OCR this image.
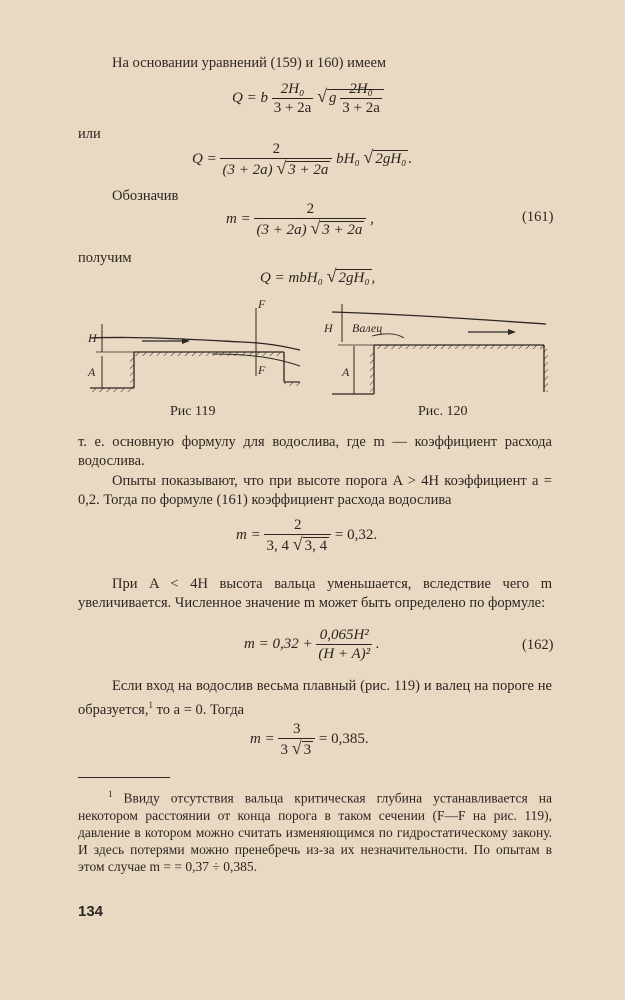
На основании уравнений (159) и 160) имеем

Q = b $\frac{\text{2H₀}}{3 + 2a}$ √ g $\frac{\text{2H₀}}{3 + 2a}$

или

$Q = \frac{2}{(3 + 2a) √ 3 + 2a} bH_0$ √ 2gH₀ .

Обозначив

$m = \frac{2}{(3 + 2a) √ 3 + 2a}$ ,	(161)

получим

Q = mbH₀ √ 2gH₀ ,
H
A
F
F
Рис 119
H
A
Валец
Рис. 120

т. е. основную формулу для водослива, где m — коэффициент расхода водослива.

Опыты показывают, что при высоте порога A > 4H коэффициент a = 0,2. Тогда по формуле (161) коэффициент расхода водослива

$m = \frac{2}{3, 4 √ 3, 4} = 0,32$.

При A < 4H высота вальца уменьшается, вследствие чего m увеличивается. Численное значение m может быть определено по формуле:

$m = 0,32 + \frac{\text{0,065H²}}{\text{(H + A)²}}$ .	(162)

Если вход на водослив весьма плавный (рис. 119) и валец на пороге не образуется,$^1$ то a = 0. Тогда

$m = \frac{3}{3 √ 3} = 0,385$.

$^1$ Ввиду отсутствия вальца критическая глубина устанавливается на некотором расстоянии от конца порога в таком сечении (F—F на рис. 119), давление в котором можно считать изменяющимся по гидростатическому закону. И здесь потерями можно пренебречь из-за их незначительности. По опытам в этом случае m = = 0,37 ÷ 0,385.

134
